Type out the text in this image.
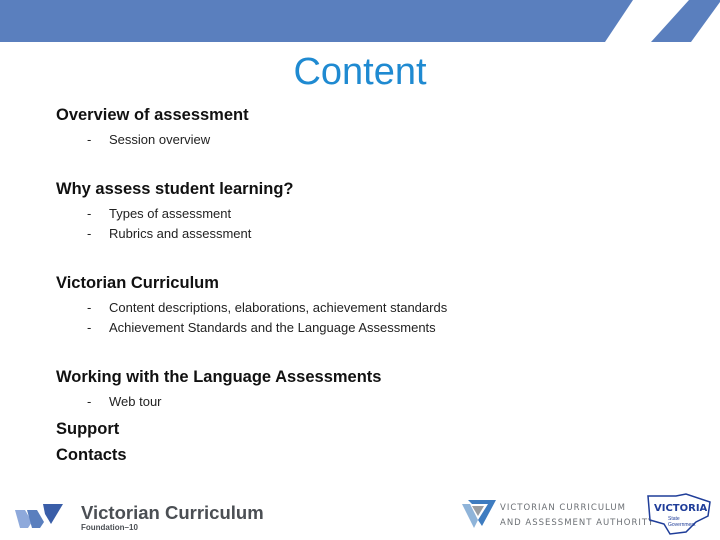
Content
Overview of assessment
- Session overview
Why assess student learning?
- Types of assessment
- Rubrics and assessment
Victorian Curriculum
- Content descriptions, elaborations, achievement standards
- Achievement Standards and the Language Assessments
Working with the Language Assessments
- Web tour
Support
Contacts
Victorian Curriculum
Foundation–10
VICTORIAN CURRICULUM
AND ASSESSMENT AUTHORITY
VICTORIA
State
Government
